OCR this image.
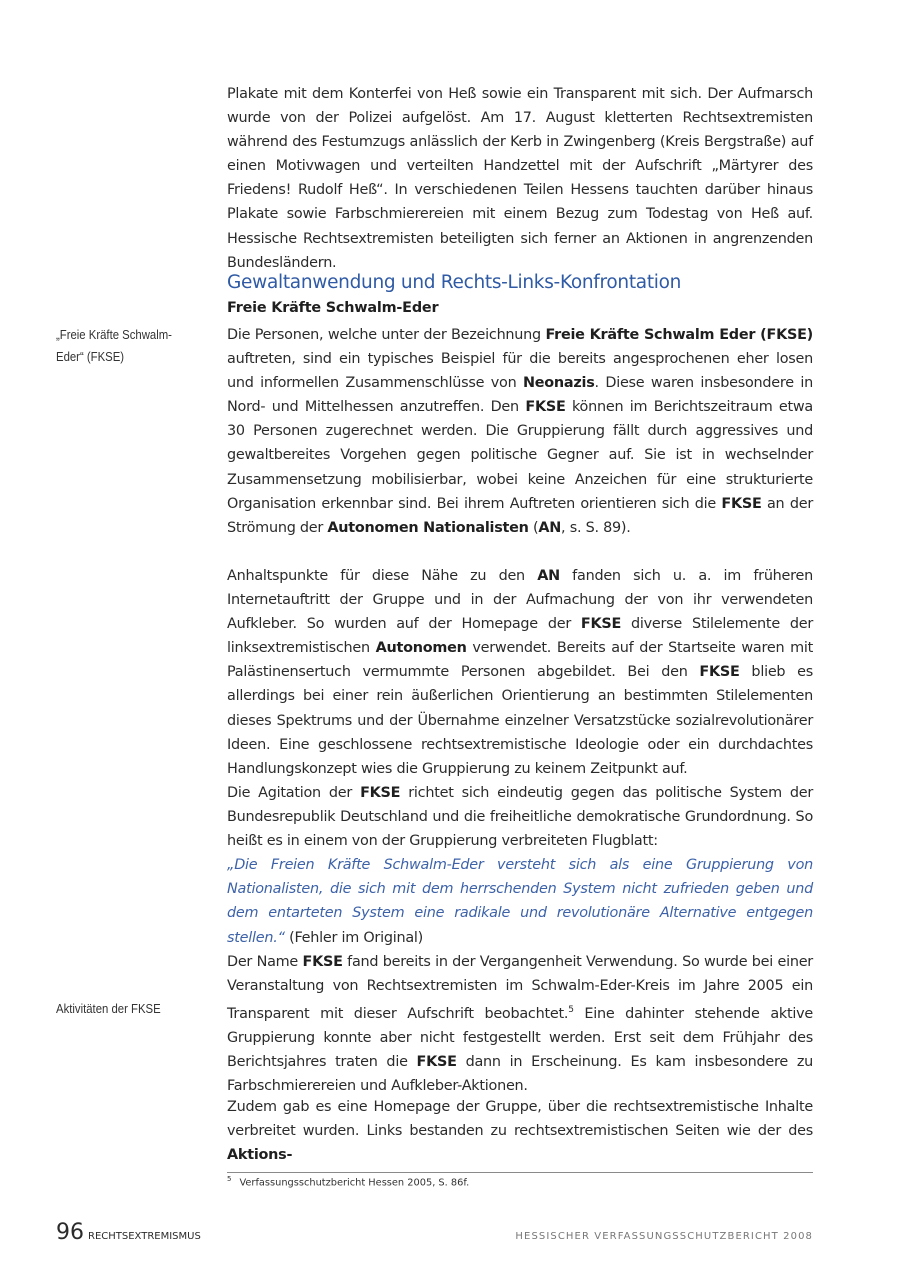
Plakate mit dem Konterfei von Heß sowie ein Transparent mit sich. Der Aufmarsch wurde von der Polizei aufgelöst. Am 17. August kletterten Rechtsextremisten während des Festumzugs anlässlich der Kerb in Zwingenberg (Kreis Bergstraße) auf einen Motivwagen und verteilten Handzettel mit der Aufschrift „Märtyrer des Friedens! Rudolf Heß“. In verschiedenen Teilen Hessens tauchten darüber hinaus Plakate sowie Farbschmierereien mit einem Bezug zum Todestag von Heß auf. Hessische Rechtsextremisten beteiligten sich ferner an Aktionen in angrenzenden Bundesländern.

Gewaltanwendung und Rechts-Links-Konfrontation
Freie Kräfte Schwalm-Eder

Die Personen, welche unter der Bezeichnung Freie Kräfte Schwalm Eder (FKSE) auftreten, sind ein typisches Beispiel für die bereits angesprochenen eher losen und informellen Zusammenschlüsse von Neonazis. Diese waren insbesondere in Nord- und Mittelhessen anzutreffen. Den FKSE können im Berichtszeitraum etwa 30 Personen zugerechnet werden. Die Gruppierung fällt durch aggressives und gewaltbereites Vorgehen gegen politische Gegner auf. Sie ist in wechselnder Zusammensetzung mobilisierbar, wobei keine Anzeichen für eine strukturierte Organisation erkennbar sind. Bei ihrem Auftreten orientieren sich die FKSE an der Strömung der Autonomen Nationalisten (AN, s. S. 89).

Anhaltspunkte für diese Nähe zu den AN fanden sich u. a. im früheren Internetauftritt der Gruppe und in der Aufmachung der von ihr verwendeten Aufkleber. So wurden auf der Homepage der FKSE diverse Stilelemente der linksextremistischen Autonomen verwendet. Bereits auf der Startseite waren mit Palästinensertuch vermummte Personen abgebildet. Bei den FKSE blieb es allerdings bei einer rein äußerlichen Orientierung an bestimmten Stilelementen dieses Spektrums und der Übernahme einzelner Versatzstücke sozialrevolutionärer Ideen. Eine geschlossene rechtsextremistische Ideologie oder ein durchdachtes Handlungskonzept wies die Gruppierung zu keinem Zeitpunkt auf.

Die Agitation der FKSE richtet sich eindeutig gegen das politische System der Bundesrepublik Deutschland und die freiheitliche demokratische Grundordnung. So heißt es in einem von der Gruppierung verbreiteten Flugblatt:
„Die Freien Kräfte Schwalm-Eder versteht sich als eine Gruppierung von Nationalisten, die sich mit dem herrschenden System nicht zufrieden geben und dem entarteten System eine radikale und revolutionäre Alternative entgegen stellen.“ (Fehler im Original)

Der Name FKSE fand bereits in der Vergangenheit Verwendung. So wurde bei einer Veranstaltung von Rechtsextremisten im Schwalm-Eder-Kreis im Jahre 2005 ein Transparent mit dieser Aufschrift beobachtet.$^5$ Eine dahinter stehende aktive Gruppierung konnte aber nicht festgestellt werden. Erst seit dem Frühjahr des Berichtsjahres traten die FKSE dann in Erscheinung. Es kam insbesondere zu Farbschmierereien und Aufkleber-Aktionen.

Zudem gab es eine Homepage der Gruppe, über die rechtsextremistische Inhalte verbreitet wurden. Links bestanden zu rechtsextremistischen Seiten wie der des Aktions-

„Freie Kräfte Schwalm-Eder“ (FKSE)

Aktivitäten der FKSE

$^5$ Verfassungsschutzbericht Hessen 2005, S. 86f.

96 RECHTSEXTREMISMUS	HESSISCHER VERFASSUNGSSCHUTZBERICHT 2008
